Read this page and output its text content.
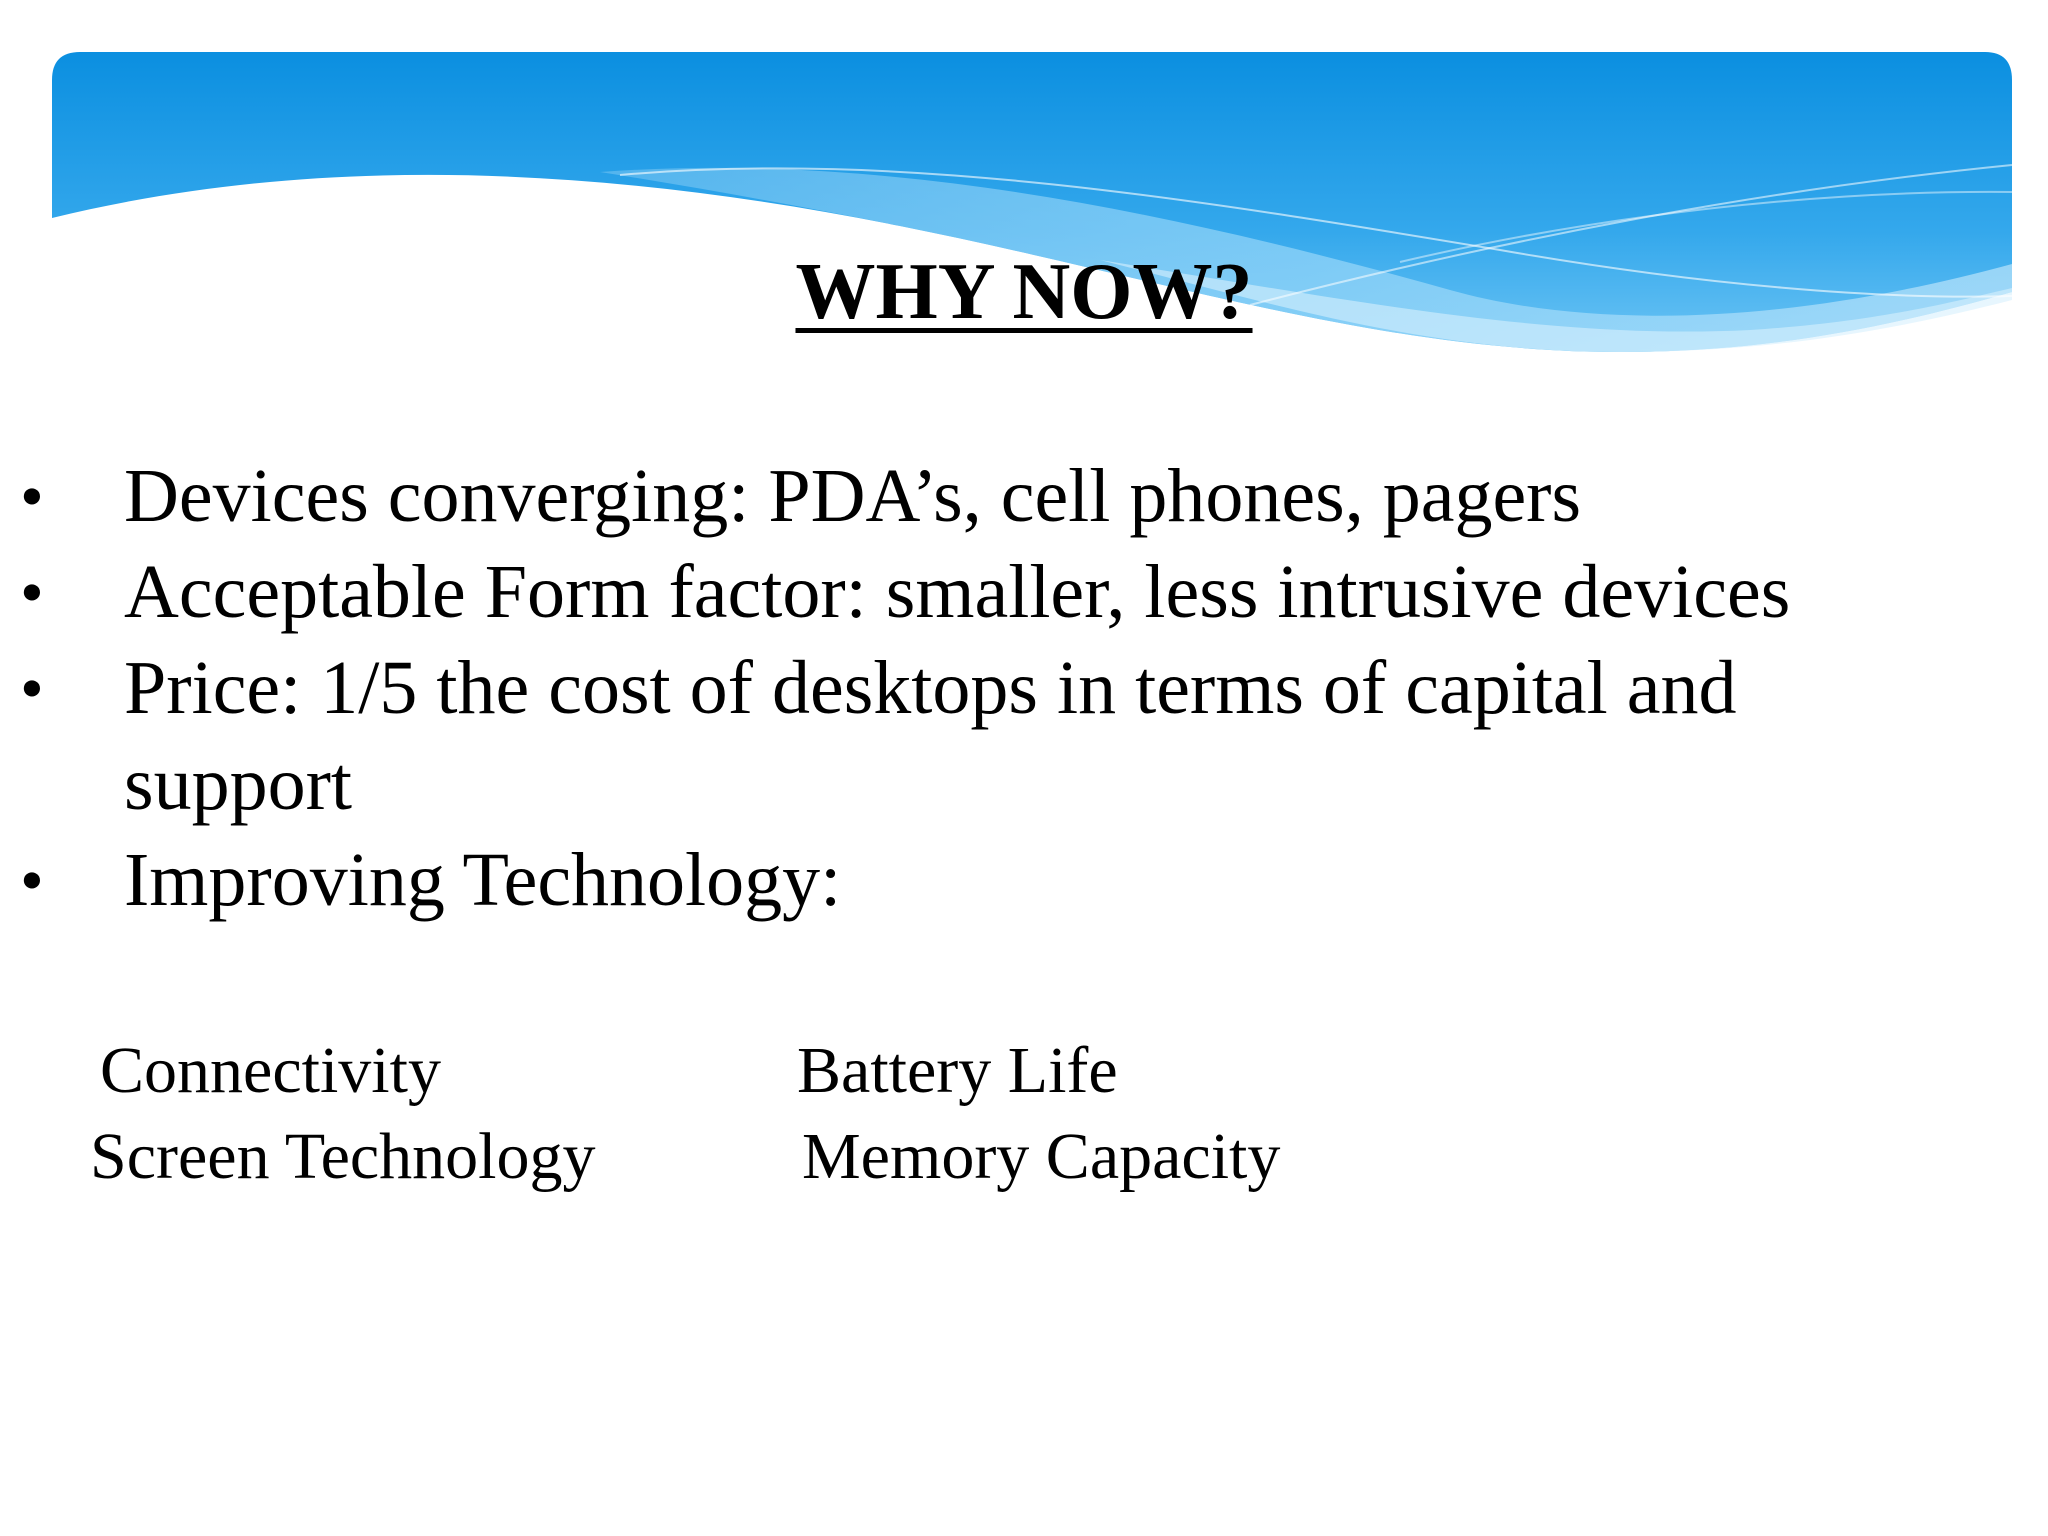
WHY NOW?
• Devices converging: PDA’s, cell phones, pagers
• Acceptable Form factor: smaller, less intrusive devices
• Price: 1/5 the cost of desktops in terms of capital and support
• Improving Technology:
Connectivity	Battery Life
Screen Technology	Memory Capacity
